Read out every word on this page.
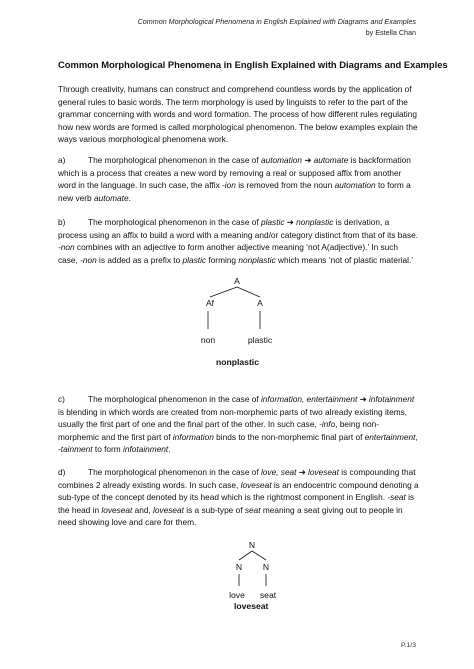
Common Morphological Phenomena in English Explained with Diagrams and Examples
by Estella Chan
Common Morphological Phenomena in English Explained with Diagrams and Examples

Through creativity, humans can construct and comprehend countless words by the application of general rules to basic words. The term morphology is used by linguists to refer to the part of the grammar concerning with words and word formation. The process of how different rules regulating how new words are formed is called morphological phenomenon. The below examples explain the ways various morphological phenomena work.

a)	The morphological phenomenon in the case of automation ➜ automate is backformation which is a process that creates a new word by removing a real or supposed affix from another word in the language. In such case, the affix -ion is removed from the noun automation to form a new verb automate.

b)	The morphological phenomenon in the case of plastic ➜ nonplastic is derivation, a process using an affix to build a word with a meaning and/or category distinct from that of its base. -non combines with an adjective to form another adjective meaning ‘not A(adjective).’ In such case, -non is added as a prefix to plastic forming nonplastic which means ‘not of plastic material.’

A
Af	A
non	plastic
nonplastic

c)	The morphological phenomenon in the case of information, entertainment ➜ infotainment is blending in which words are created from non-morphemic parts of two already existing items, usually the first part of one and the final part of the other. In such case, -info, being non-morphemic and the first part of information binds to the non-morphemic final part of entertainment, -tainment to form infotainment.

d)	The morphological phenomenon in the case of love, seat ➜ loveseat is compounding that combines 2 already existing words. In such case, loveseat is an endocentric compound denoting a sub-type of the concept denoted by its head which is the rightmost component in English. -seat is the head in loveseat and, loveseat is a sub-type of seat meaning a seat giving out to people in need showing love and care for them.

N
N N
love seat
loveseat
P.1/3
